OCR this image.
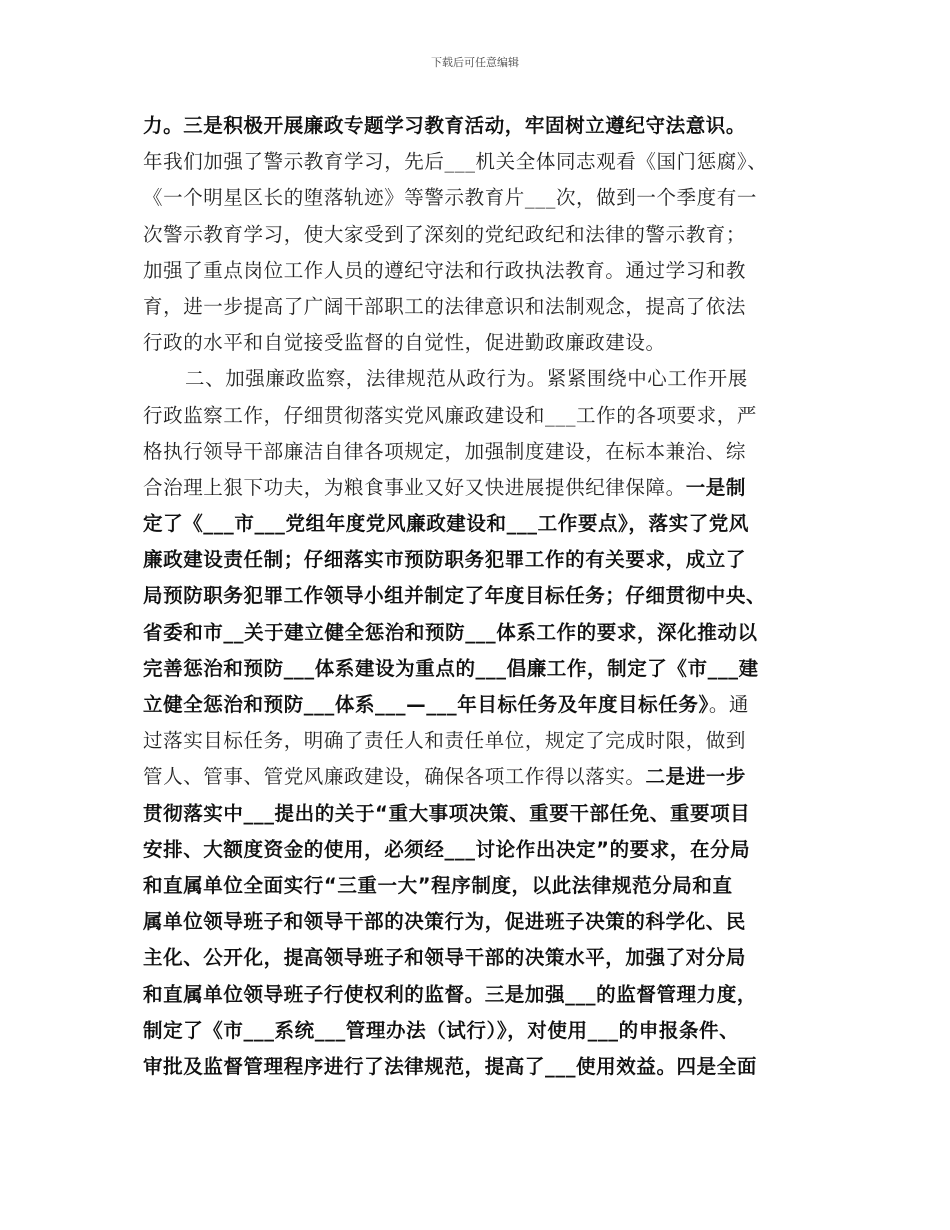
下载后可任意编辑
力。三是积极开展廉政专题学习教育活动，牢固树立遵纪守法意识。
年我们加强了警示教育学习，先后___机关全体同志观看《国门惩腐》、
《一个明星区长的堕落轨迹》等警示教育片___次，做到一个季度有一
次警示教育学习，使大家受到了深刻的党纪政纪和法律的警示教育；
加强了重点岗位工作人员的遵纪守法和行政执法教育。通过学习和教
育，进一步提高了广阔干部职工的法律意识和法制观念，提高了依法
行政的水平和自觉接受监督的自觉性，促进勤政廉政建设。
二、加强廉政监察，法律规范从政行为。紧紧围绕中心工作开展
行政监察工作，仔细贯彻落实党风廉政建设和___工作的各项要求，严
格执行领导干部廉洁自律各项规定，加强制度建设，在标本兼治、综
合治理上狠下功夫，为粮食事业又好又快进展提供纪律保障。一是制
定了《___市___党组年度党风廉政建设和___工作要点》，落实了党风
廉政建设责任制；仔细落实市预防职务犯罪工作的有关要求，成立了
局预防职务犯罪工作领导小组并制定了年度目标任务；仔细贯彻中央、
省委和市__关于建立健全惩治和预防___体系工作的要求，深化推动以
完善惩治和预防___体系建设为重点的___倡廉工作，制定了《市___建
立健全惩治和预防___体系___—___年目标任务及年度目标任务》。通
过落实目标任务，明确了责任人和责任单位，规定了完成时限，做到
管人、管事、管党风廉政建设，确保各项工作得以落实。二是进一步
贯彻落实中___提出的关于“重大事项决策、重要干部任免、重要项目
安排、大额度资金的使用，必须经___讨论作出决定”的要求，在分局
和直属单位全面实行“三重一大”程序制度，以此法律规范分局和直
属单位领导班子和领导干部的决策行为，促进班子决策的科学化、民
主化、公开化，提高领导班子和领导干部的决策水平，加强了对分局
和直属单位领导班子行使权利的监督。三是加强___的监督管理力度，
制定了《市___系统___管理办法（试行）》，对使用___的申报条件、
审批及监督管理程序进行了法律规范，提高了___使用效益。四是全面
